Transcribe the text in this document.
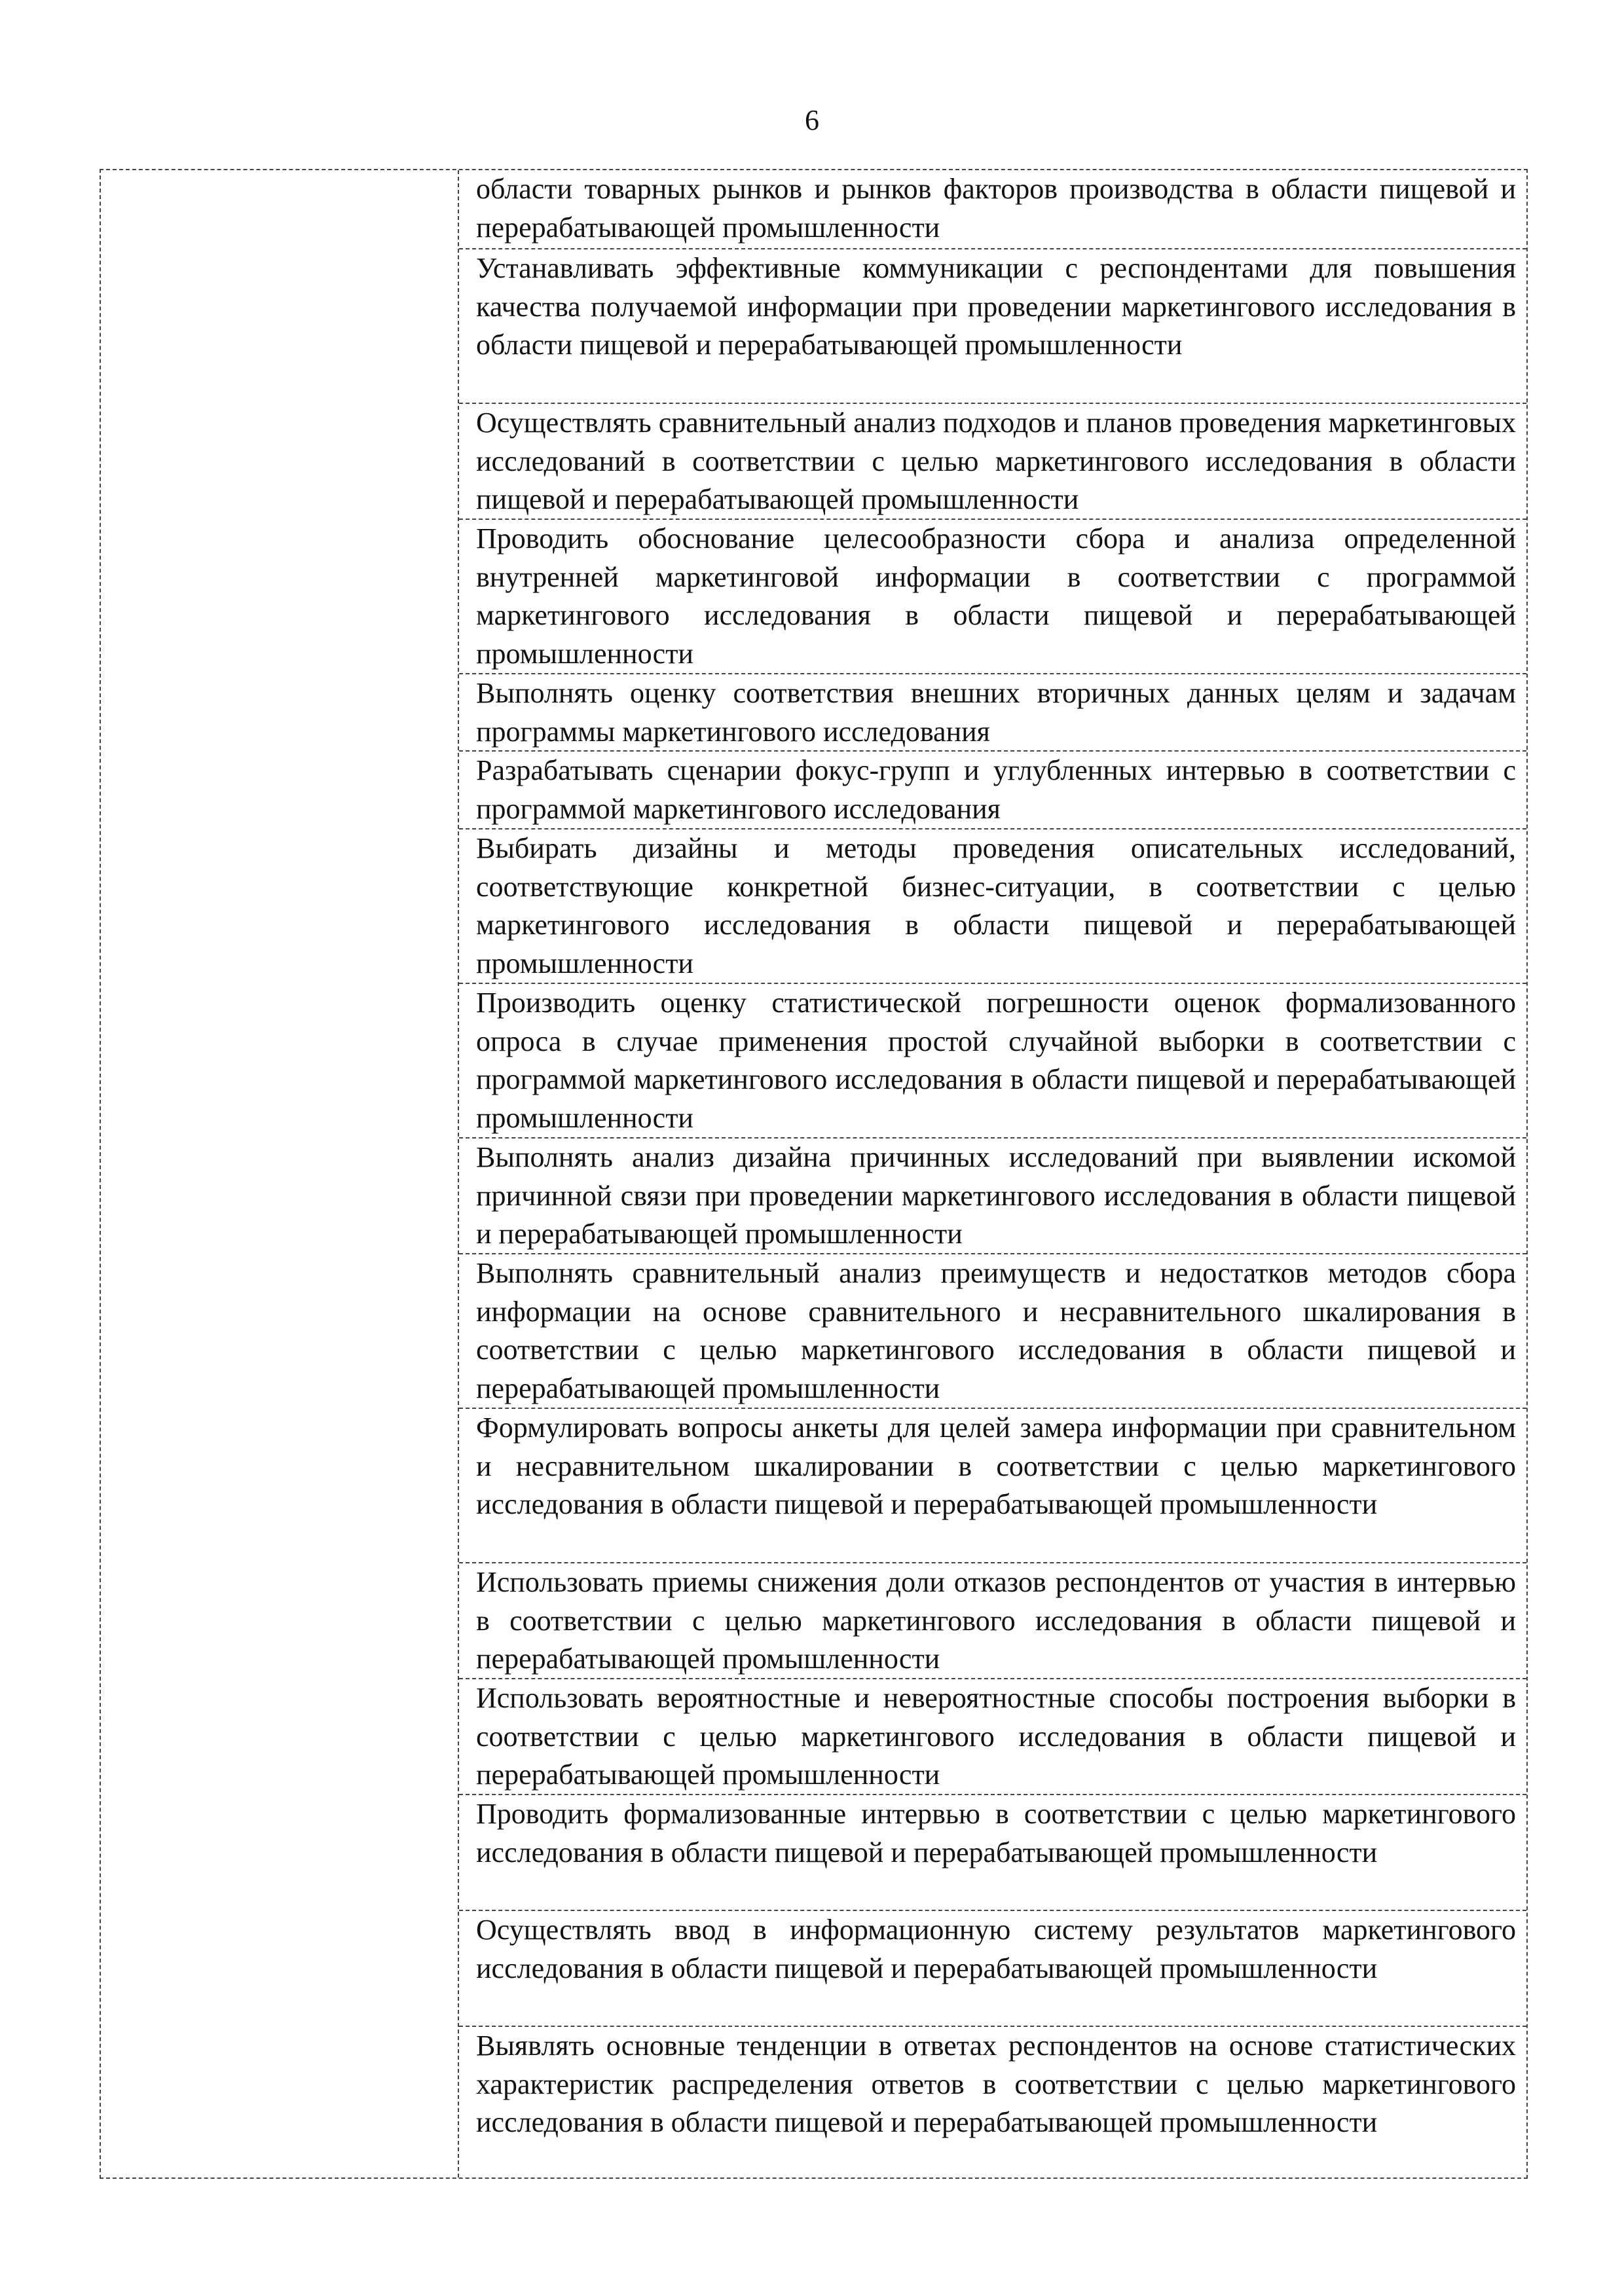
6
области товарных рынков и рынков факторов производства в области пищевой и перерабатывающей промышленности
Устанавливать эффективные коммуникации с респондентами для повышения качества получаемой информации при проведении маркетингового исследования в области пищевой и перерабатывающей промышленности
Осуществлять сравнительный анализ подходов и планов проведения маркетинговых исследований в соответствии с целью маркетингового исследования в области пищевой и перерабатывающей промышленности
Проводить обоснование целесообразности сбора и анализа определенной внутренней маркетинговой информации в соответствии с программой маркетингового исследования в области пищевой и перерабатывающей промышленности
Выполнять оценку соответствия внешних вторичных данных целям и задачам программы маркетингового исследования
Разрабатывать сценарии фокус-групп и углубленных интервью в соответствии с программой маркетингового исследования
Выбирать дизайны и методы проведения описательных исследований, соответствующие конкретной бизнес-ситуации, в соответствии с целью маркетингового исследования в области пищевой и перерабатывающей промышленности
Производить оценку статистической погрешности оценок формализованного опроса в случае применения простой случайной выборки в соответствии с программой маркетингового исследования в области пищевой и перерабатывающей промышленности
Выполнять анализ дизайна причинных исследований при выявлении искомой причинной связи при проведении маркетингового исследования в области пищевой и перерабатывающей промышленности
Выполнять сравнительный анализ преимуществ и недостатков методов сбора информации на основе сравнительного и несравнительного шкалирования в соответствии с целью маркетингового исследования в области пищевой и перерабатывающей промышленности
Формулировать вопросы анкеты для целей замера информации при сравнительном и несравнительном шкалировании в соответствии с целью маркетингового исследования в области пищевой и перерабатывающей промышленности
Использовать приемы снижения доли отказов респондентов от участия в интервью в соответствии с целью маркетингового исследования в области пищевой и перерабатывающей промышленности
Использовать вероятностные и невероятностные способы построения выборки в соответствии с целью маркетингового исследования в области пищевой и перерабатывающей промышленности
Проводить формализованные интервью в соответствии с целью маркетингового исследования в области пищевой и перерабатывающей промышленности
Осуществлять ввод в информационную систему результатов маркетингового исследования в области пищевой и перерабатывающей промышленности
Выявлять основные тенденции в ответах респондентов на основе статистических характеристик распределения ответов в соответствии с целью маркетингового исследования в области пищевой и перерабатывающей промышленности
